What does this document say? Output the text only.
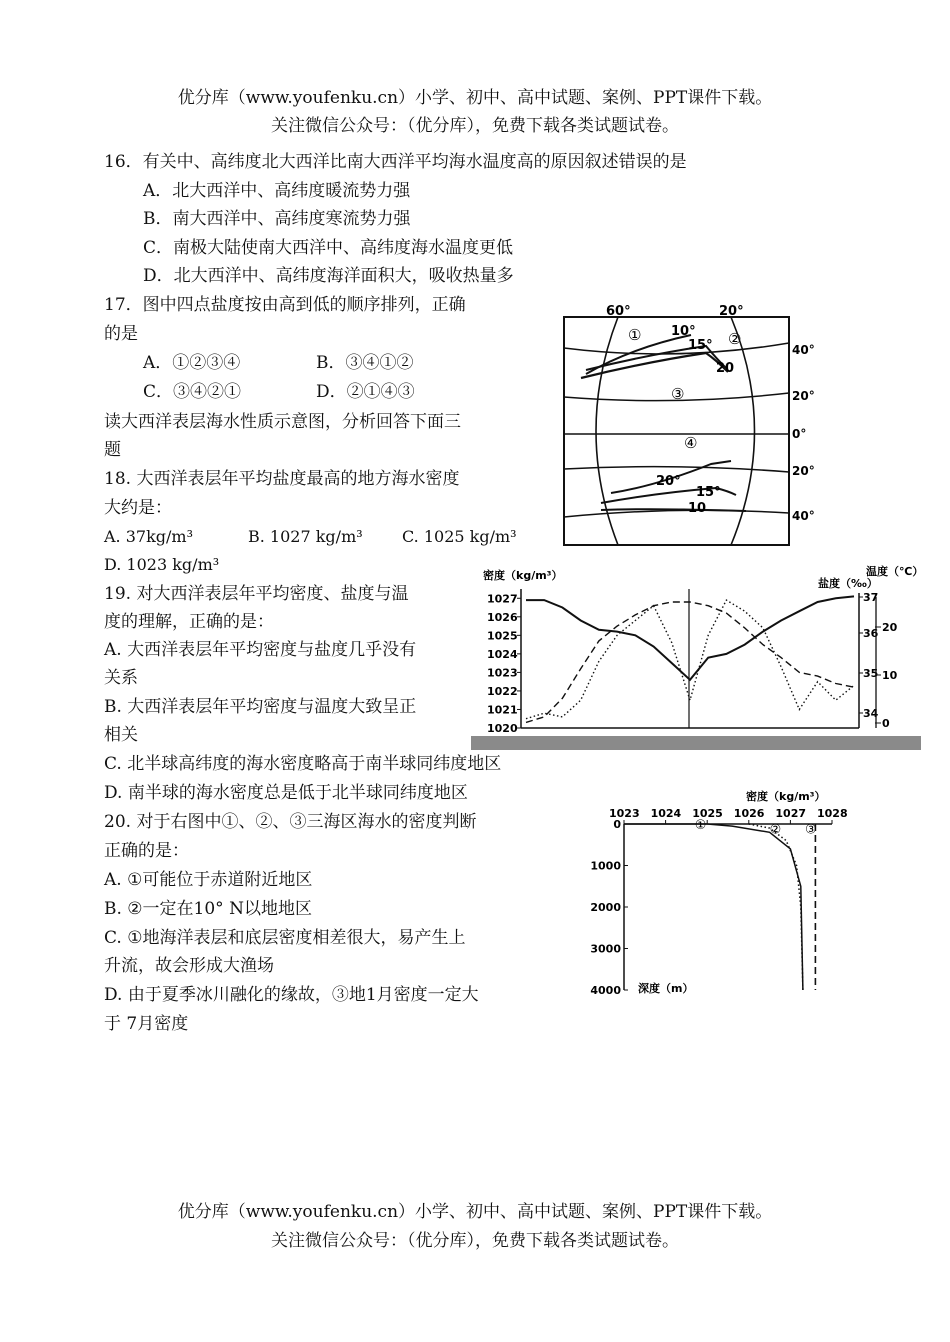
优分库（www.youfenku.cn）小学、初中、高中试题、案例、PPT课件下载。
关注微信公众号：（优分库），免费下载各类试题试卷。
16．有关中、高纬度北大西洋比南大西洋平均海水温度高的原因叙述错误的是
A．北大西洋中、高纬度暖流势力强
B．南大西洋中、高纬度寒流势力强
C．南极大陆使南大西洋中、高纬度海水温度更低
D．北大西洋中、高纬度海洋面积大，吸收热量多
17．图中四点盐度按由高到低的顺序排列，正确
的是
A．①②③④	B．③④①②
C．③④②①	D．②①④③
读大西洋表层海水性质示意图，分析回答下面三
题
18. 大西洋表层年平均盐度最高的地方海水密度
大约是：
A. 37kg/m³	B. 1027 kg/m³ C. 1025 kg/m³
D. 1023 kg/m³
19. 对大西洋表层年平均密度、盐度与温
度的理解，正确的是：
A. 大西洋表层年平均密度与盐度几乎没有
关系
B. 大西洋表层年平均密度与温度大致呈正
相关
C. 北半球高纬度的海水密度略高于南半球同纬度地区
D. 南半球的海水密度总是低于北半球同纬度地区
20. 对于右图中①、②、③三海区海水的密度判断
正确的是：
A. ①可能位于赤道附近地区
B. ②一定在10° N以地地区
C. ①地海洋表层和底层密度相差很大，易产生上
升流，故会形成大渔场
D. 由于夏季冰川融化的缘故，③地1月密度一定大
于 7月密度
优分库（www.youfenku.cn）小学、初中、高中试题、案例、PPT课件下载。
关注微信公众号：（优分库），免费下载各类试题试卷。
60°	20°
40°
20°
0°
20°
40°
①	②
③
④
10°
15°
20
20°
15°
10
密度（kg/m³）
盐度（‰）
温度（℃）
1027
1026
1025
1024
1023
1022
1021
1020
37
36
35
34
20
10
0
密度（kg/m³）
深度（m）
1023 1024 1025 1026 1027 1028
0
1000
2000
3000
4000
①	② ③
